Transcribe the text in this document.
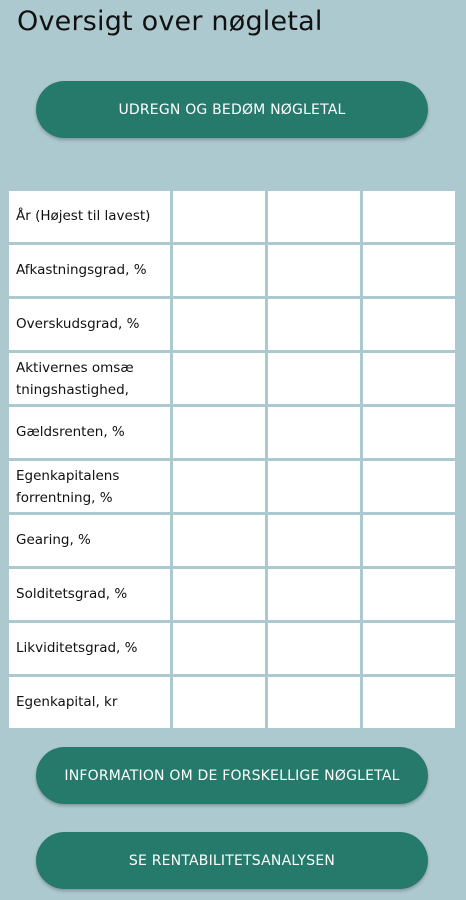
Oversigt over nøgletal
UDREGN OG BEDØM NØGLETAL
År (Højest til lavest)
Afkastningsgrad, %
Overskudsgrad, %
Aktivernes omsæ tningshastighed,
Gældsrenten, %
Egenkapitalens forrentning, %
Gearing, %
Solditetsgrad, %
Likviditetsgrad, %
Egenkapital, kr
INFORMATION OM DE FORSKELLIGE NØGLETAL
SE RENTABILITETSANALYSEN
